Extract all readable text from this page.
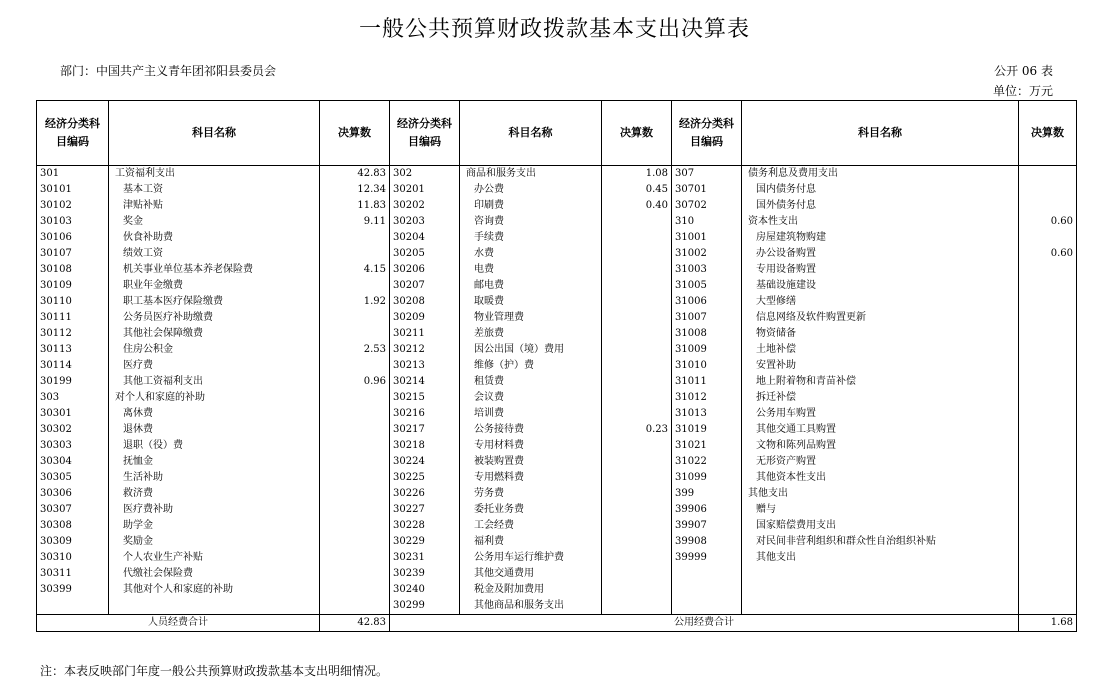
一般公共预算财政拨款基本支出决算表
部门：中国共产主义青年团祁阳县委员会	公开 06 表
单位：万元
经济分类科目编码	科目名称	决算数	经济分类科目编码	科目名称	决算数	经济分类科目编码	科目名称	决算数
301	工资福利支出	42.83	302	商品和服务支出	1.08	307	债务利息及费用支出	
30101	基本工资	12.34	30201	办公费	0.45	30701	国内债务付息	
30102	津贴补贴	11.83	30202	印刷费	0.40	30702	国外债务付息	
30103	奖金	9.11	30203	咨询费		310	资本性支出	0.60
30106	伙食补助费		30204	手续费		31001	房屋建筑物购建	
30107	绩效工资		30205	水费		31002	办公设备购置	0.60
30108	机关事业单位基本养老保险费	4.15	30206	电费		31003	专用设备购置	
30109	职业年金缴费		30207	邮电费		31005	基础设施建设	
30110	职工基本医疗保险缴费	1.92	30208	取暖费		31006	大型修缮	
30111	公务员医疗补助缴费		30209	物业管理费		31007	信息网络及软件购置更新	
30112	其他社会保障缴费		30211	差旅费		31008	物资储备	
30113	住房公积金	2.53	30212	因公出国（境）费用		31009	土地补偿	
30114	医疗费		30213	维修（护）费		31010	安置补助	
30199	其他工资福利支出	0.96	30214	租赁费		31011	地上附着物和青苗补偿	
303	对个人和家庭的补助		30215	会议费		31012	拆迁补偿	
30301	离休费		30216	培训费		31013	公务用车购置	
30302	退休费		30217	公务接待费	0.23	31019	其他交通工具购置	
30303	退职（役）费		30218	专用材料费		31021	文物和陈列品购置	
30304	抚恤金		30224	被装购置费		31022	无形资产购置	
30305	生活补助		30225	专用燃料费		31099	其他资本性支出	
30306	救济费		30226	劳务费		399	其他支出	
30307	医疗费补助		30227	委托业务费		39906	赠与	
30308	助学金		30228	工会经费		39907	国家赔偿费用支出	
30309	奖励金		30229	福利费		39908	对民间非营利组织和群众性自治组织补贴	
30310	个人农业生产补贴		30231	公务用车运行维护费		39999	其他支出	
30311	代缴社会保险费		30239	其他交通费用				
30399	其他对个人和家庭的补助		30240	税金及附加费用				
			30299	其他商品和服务支出				
人员经费合计		42.83	公用经费合计					1.68
注：本表反映部门年度一般公共预算财政拨款基本支出明细情况。
